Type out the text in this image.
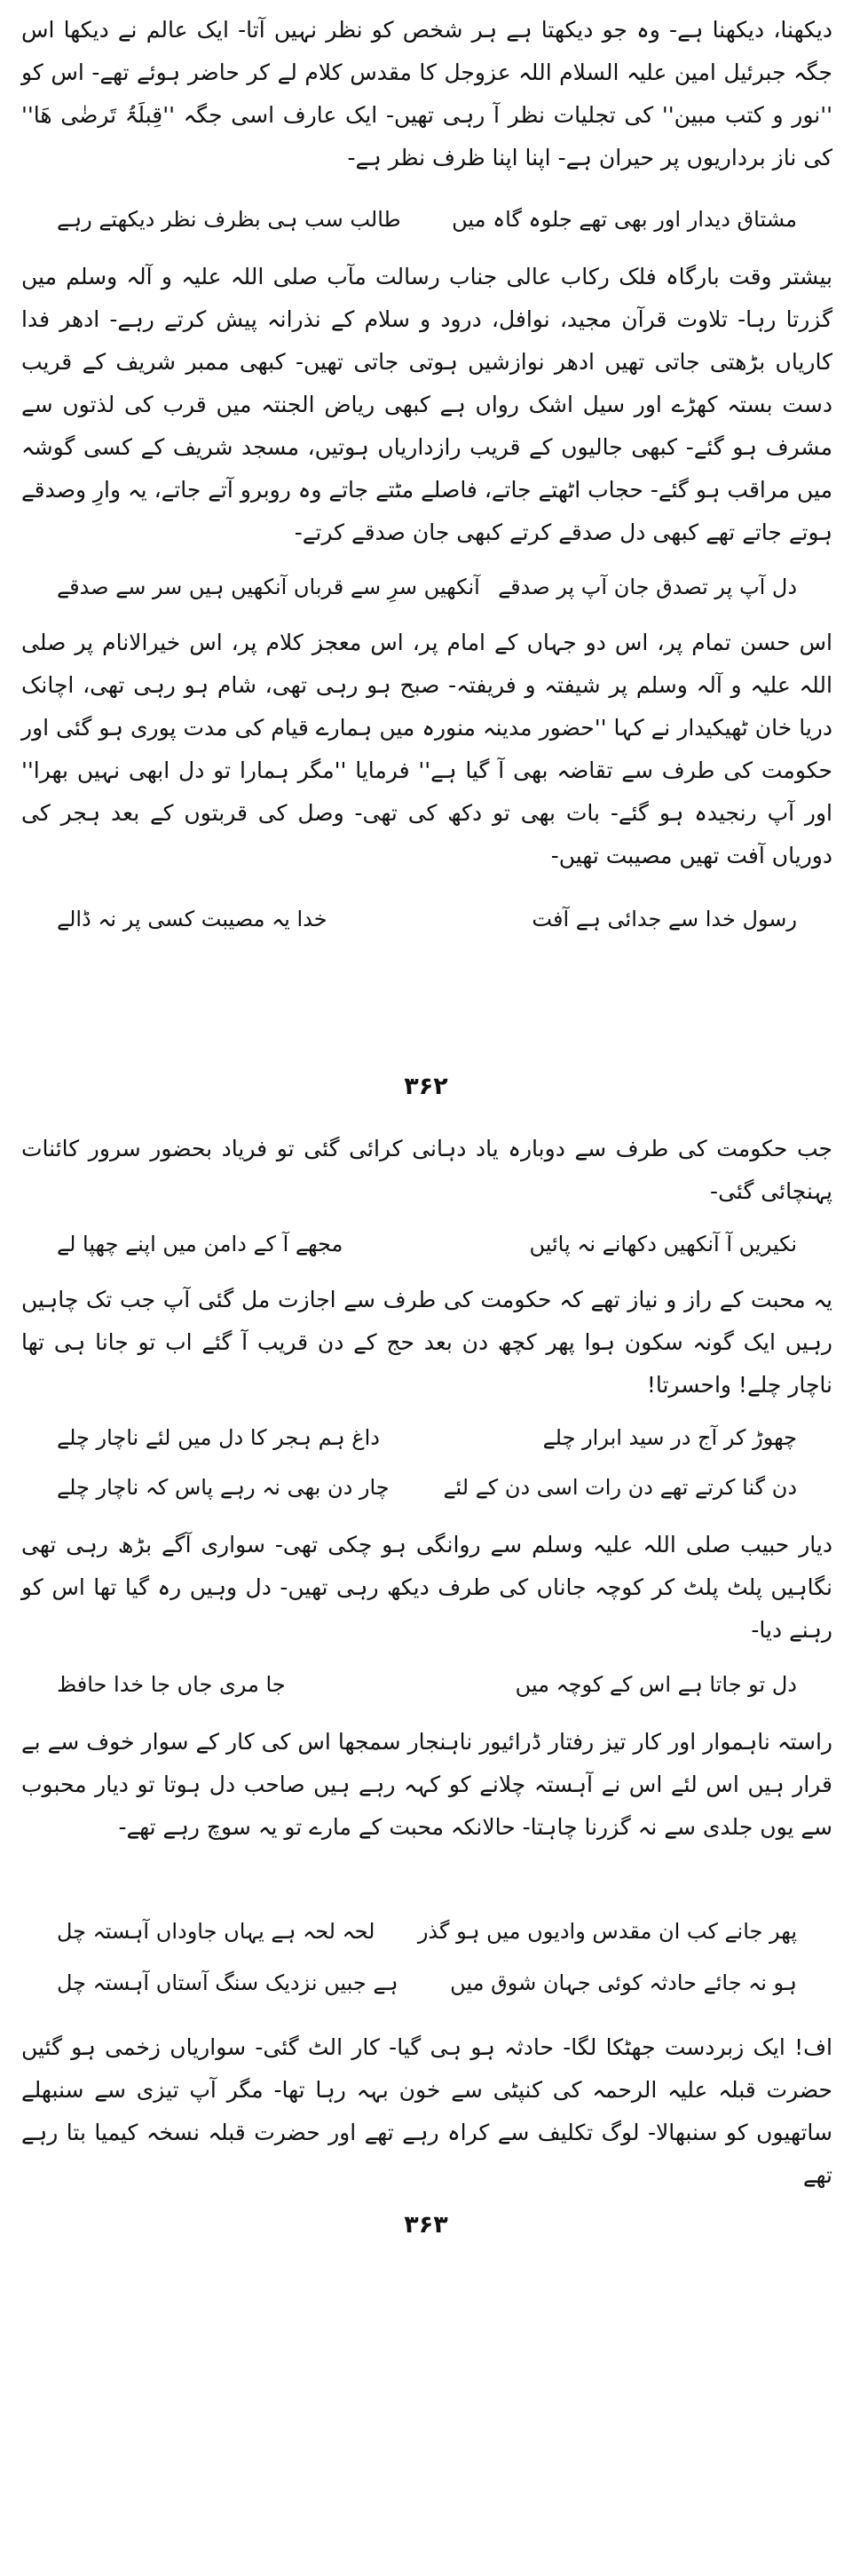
دیکھنا، دیکھنا ہے- وہ جو دیکھتا ہے ہر شخص کو نظر نہیں آتا- ایک عالم نے دیکھا اس جگہ جبرئیل امین علیہ السلام اللہ عزوجل کا مقدس کلام لے کر حاضر ہوئے تھے- اس کو ''نور و کتب مبین'' کی تجلیات نظر آ رہی تھیں- ایک عارف اسی جگہ ''قِبلَۃُ تَرضٰی ھَا'' کی ناز برداریوں پر حیران ہے- اپنا اپنا ظرف نظر ہے-

مشتاق دیدار اور بھی تھے جلوہ گاہ میں
طالب سب ہی بظرف نظر دیکھتے رہے

بیشتر وقت بارگاہ فلک رکاب عالی جناب رسالت مآب صلی اللہ علیہ و آلہ وسلم میں گزرتا رہا- تلاوت قرآن مجید، نوافل، درود و سلام کے نذرانہ پیش کرتے رہے- ادھر فدا کاریاں بڑھتی جاتی تھیں ادھر نوازشیں ہوتی جاتی تھیں- کبھی ممبر شریف کے قریب دست بستہ کھڑے اور سیل اشک رواں ہے کبھی ریاض الجنتہ میں قرب کی لذتوں سے مشرف ہو گئے- کبھی جالیوں کے قریب رازداریاں ہوتیں، مسجد شریف کے کسی گوشہ میں مراقب ہو گئے- حجاب اٹھتے جاتے، فاصلے مٹتے جاتے وہ روبرو آتے جاتے، یہ وارِ وصدقے ہوتے جاتے تھے کبھی دل صدقے کرتے کبھی جان صدقے کرتے-

دل آپ پر تصدق جان آپ پر صدقے
آنکھیں سرِ سے قرباں آنکھیں ہیں سر سے صدقے

اس حسن تمام پر، اس دو جہاں کے امام پر، اس معجز کلام پر، اس خیرالانام پر صلی اللہ علیہ و آلہ وسلم پر شیفتہ و فریفتہ- صبح ہو رہی تھی، شام ہو رہی تھی، اچانک دریا خان ٹھیکیدار نے کہا ''حضور مدینہ منورہ میں ہمارے قیام کی مدت پوری ہو گئی اور حکومت کی طرف سے تقاضہ بھی آ گیا ہے'' فرمایا ''مگر ہمارا تو دل ابھی نہیں بھرا'' اور آپ رنجیدہ ہو گئے- بات بھی تو دکھ کی تھی- وصل کی قربتوں کے بعد ہجر کی دوریاں آفت تھیں مصیبت تھیں-

رسول خدا سے جدائی ہے آفت
خدا یہ مصیبت کسی پر نہ ڈالے
۳۶۲

جب حکومت کی طرف سے دوبارہ یاد دہانی کرائی گئی تو فریاد بحضور سرور کائنات پہنچائی گئی-

نکیریں آ آنکھیں دکھانے نہ پائیں
مجھے آ کے دامن میں اپنے چھپا لے

یہ محبت کے راز و نیاز تھے کہ حکومت کی طرف سے اجازت مل گئی آپ جب تک چاہیں رہیں ایک گونہ سکون ہوا پھر کچھ دن بعد حج کے دن قریب آ گئے اب تو جانا ہی تھا ناچار چلے! واحسرتا!

چھوڑ کر آج در سید ابرار چلے
داغ ہم ہجر کا دل میں لئے ناچار چلے
دن گنا کرتے تھے دن رات اسی دن کے لئے
چار دن بھی نہ رہے پاس کہ ناچار چلے

دیار حبیب صلی اللہ علیہ وسلم سے روانگی ہو چکی تھی- سواری آگے بڑھ رہی تھی نگاہیں پلٹ پلٹ کر کوچہ جاناں کی طرف دیکھ رہی تھیں- دل وہیں رہ گیا تھا اس کو رہنے دیا-

دل تو جاتا ہے اس کے کوچہ میں
جا مری جاں جا خدا حافظ

راستہ ناہموار اور کار تیز رفتار ڈرائیور ناہنجار سمجھا اس کی کار کے سوار خوف سے بے قرار ہیں اس لئے اس نے آہستہ چلانے کو کہہ رہے ہیں صاحب دل ہوتا تو دیار محبوب سے یوں جلدی سے نہ گزرنا چاہتا- حالانکہ محبت کے مارے تو یہ سوچ رہے تھے-

پھر جانے کب ان مقدس وادیوں میں ہو گذر
لحہ لحہ ہے یہاں جاوداں آہستہ چل
ہو نہ جائے حادثہ کوئی جہان شوق میں
ہے جبیں نزدیک سنگ آستاں آہستہ چل

اف! ایک زبردست جھٹکا لگا- حادثہ ہو ہی گیا- کار الٹ گئی- سواریاں زخمی ہو گئیں حضرت قبلہ علیہ الرحمہ کی کنپٹی سے خون بہہ رہا تھا- مگر آپ تیزی سے سنبھلے ساتھیوں کو سنبھالا- لوگ تکلیف سے کراہ رہے تھے اور حضرت قبلہ نسخہ کیمیا بتا رہے تھے

۳۶۳
